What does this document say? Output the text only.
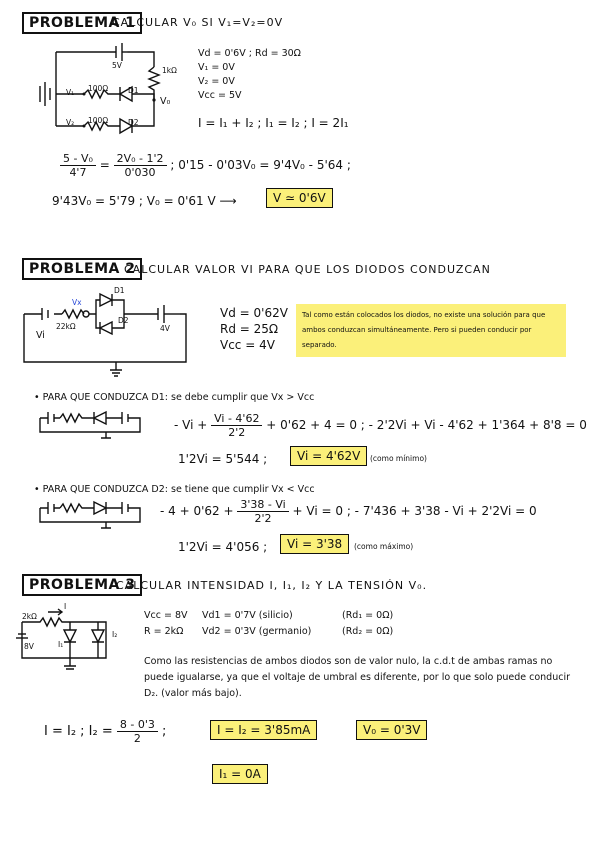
PROBLEMA 1
CALCULAR V₀ SI V₁=V₂=0V
5V
1kΩ
V₁ 100Ω	D1
V₀
V₂ 100Ω	D2
Vd = 0'6V ; Rd = 30Ω
V₁ = 0V
V₂ = 0V
Vcc = 5V
I = I₁ + I₂ ; I₁ = I₂ ; I = 2I₁
$\frac{\text{5 - V₀}}{4'7} = \frac{\text{2V₀ - 1'2}}{0'030}$ ; 0'15 - 0'03V₀ = 9'4V₀ - 5'64 ;
9'43V₀ = 5'79 ; V₀ = 0'61 V ⟶	V ≃ 0'6V
PROBLEMA 2
CALCULAR VALOR VI PARA QUE LOS DIODOS CONDUZCAN
Vx
D1
D2
22kΩ
Vi
4V
Vd = 0'62V
Rd = 25Ω
Vcc = 4V
Tal como están colocados los diodos, no existe una solución para que ambos conduzcan simultáneamente. Pero si pueden conducir por separado.
• PARA QUE CONDUZCA D1: se debe cumplir que Vx > Vcc
- $Vi + \frac{Vi - 4'62}{2'2} + 0'62 + 4 = 0$ ; - 2'2Vi + Vi - 4'62 + 1'364 + 8'8 = 0
1'2Vi = 5'544 ;	Vi = 4'62V	(como mínimo)
• PARA QUE CONDUZCA D2: se tiene que cumplir Vx < Vcc
- $4 + 0'62 + \frac{3'38 - Vi}{2'2} + Vi = 0$ ; - 7'436 + 3'38 - Vi + 2'2Vi = 0
1'2Vi = 4'056 ;	Vi = 3'38	(como máximo)
PROBLEMA 3
CALCULAR INTENSIDAD I, I₁, I₂ Y LA TENSIÓN V₀.
2kΩ
I
8V	I₁
I₂
Vcc = 8V
R = 2kΩ
Vd1 = 0'7V (silicio)
Vd2 = 0'3V (germanio)
(Rd₁ = 0Ω)
(Rd₂ = 0Ω)
Como las resistencias de ambos diodos son de valor nulo, la c.d.t de ambas ramas no puede igualarse, ya que el voltaje de umbral es diferente, por lo que solo puede conducir D₂. (valor más bajo).
I = I₂ ; $I_2 = \frac{8 - 0'3}{2}$ ;	I = I₂ = 3'85mA	V₀ = 0'3V
I₁ = 0A
